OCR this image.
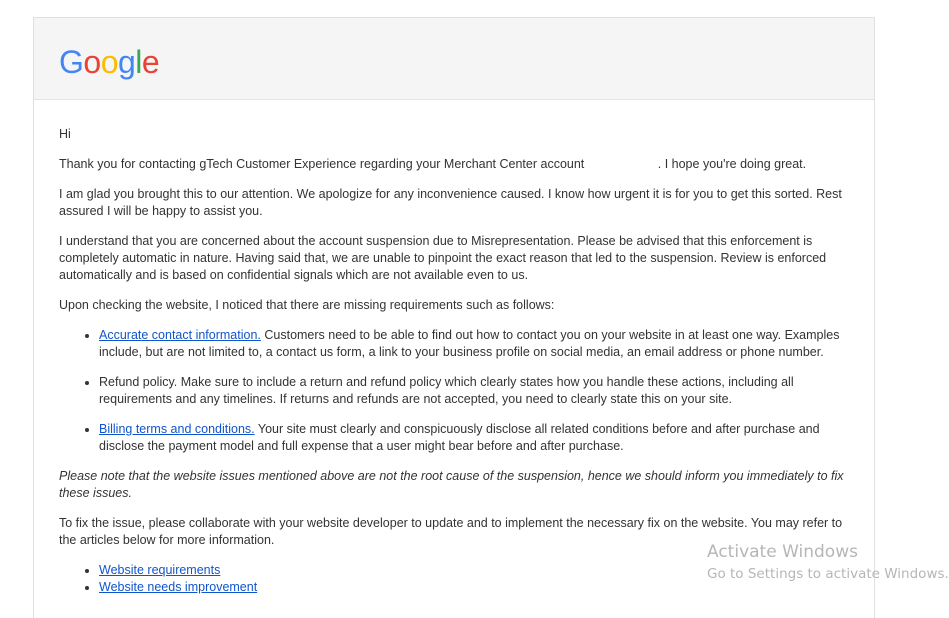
Google

Hi

Thank you for contacting gTech Customer Experience regarding your Merchant Center account	. I hope you're doing great.

I am glad you brought this to our attention. We apologize for any inconvenience caused. I know how urgent it is for you to get this sorted. Rest assured I will be happy to assist you.

I understand that you are concerned about the account suspension due to Misrepresentation. Please be advised that this enforcement is completely automatic in nature. Having said that, we are unable to pinpoint the exact reason that led to the suspension. Review is enforced automatically and is based on confidential signals which are not available even to us.

Upon checking the website, I noticed that there are missing requirements such as follows:

• Accurate contact information. Customers need to be able to find out how to contact you on your website in at least one way. Examples include, but are not limited to, a contact us form, a link to your business profile on social media, an email address or phone number.
• Refund policy. Make sure to include a return and refund policy which clearly states how you handle these actions, including all requirements and any timelines. If returns and refunds are not accepted, you need to clearly state this on your site.
• Billing terms and conditions. Your site must clearly and conspicuously disclose all related conditions before and after purchase and disclose the payment model and full expense that a user might bear before and after purchase.

Please note that the website issues mentioned above are not the root cause of the suspension, hence we should inform you immediately to fix these issues.

To fix the issue, please collaborate with your website developer to update and to implement the necessary fix on the website. You may refer to the articles below for more information.

• Website requirements
• Website needs improvement
Activate Windows
Go to Settings to activate Windows.
